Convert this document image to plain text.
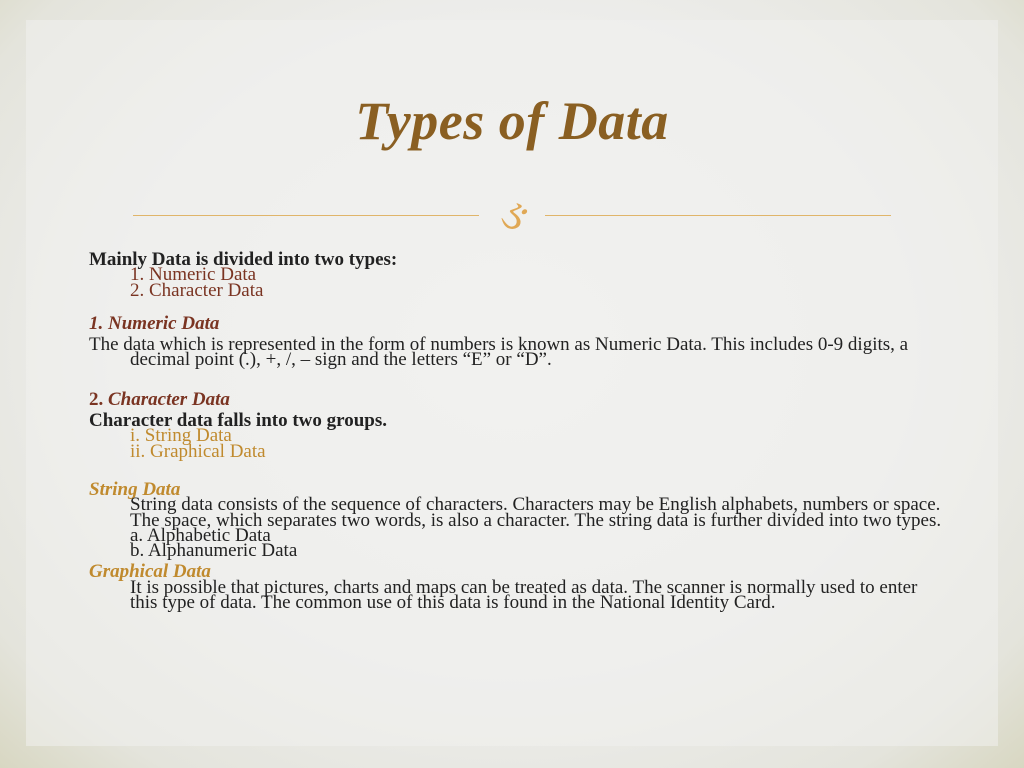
Types of Data
ઙ

Mainly Data is divided into two types:

1. Numeric Data

2. Character Data

1. Numeric Data

The data which is represented in the form of numbers is known as Numeric Data. This includes 0-9 digits, a decimal point (.), +, /, – sign and the letters “E” or “D”.

2. Character Data

Character data falls into two groups.

i. String Data

ii. Graphical Data

String Data

String data consists of the sequence of characters. Characters may be English alphabets, numbers or space. The space, which separates two words, is also a character. The string data is further divided into two types.

a. Alphabetic Data

b. Alphanumeric Data

Graphical Data

It is possible that pictures, charts and maps can be treated as data. The scanner is normally used to enter this type of data. The common use of this data is found in the National Identity Card.
